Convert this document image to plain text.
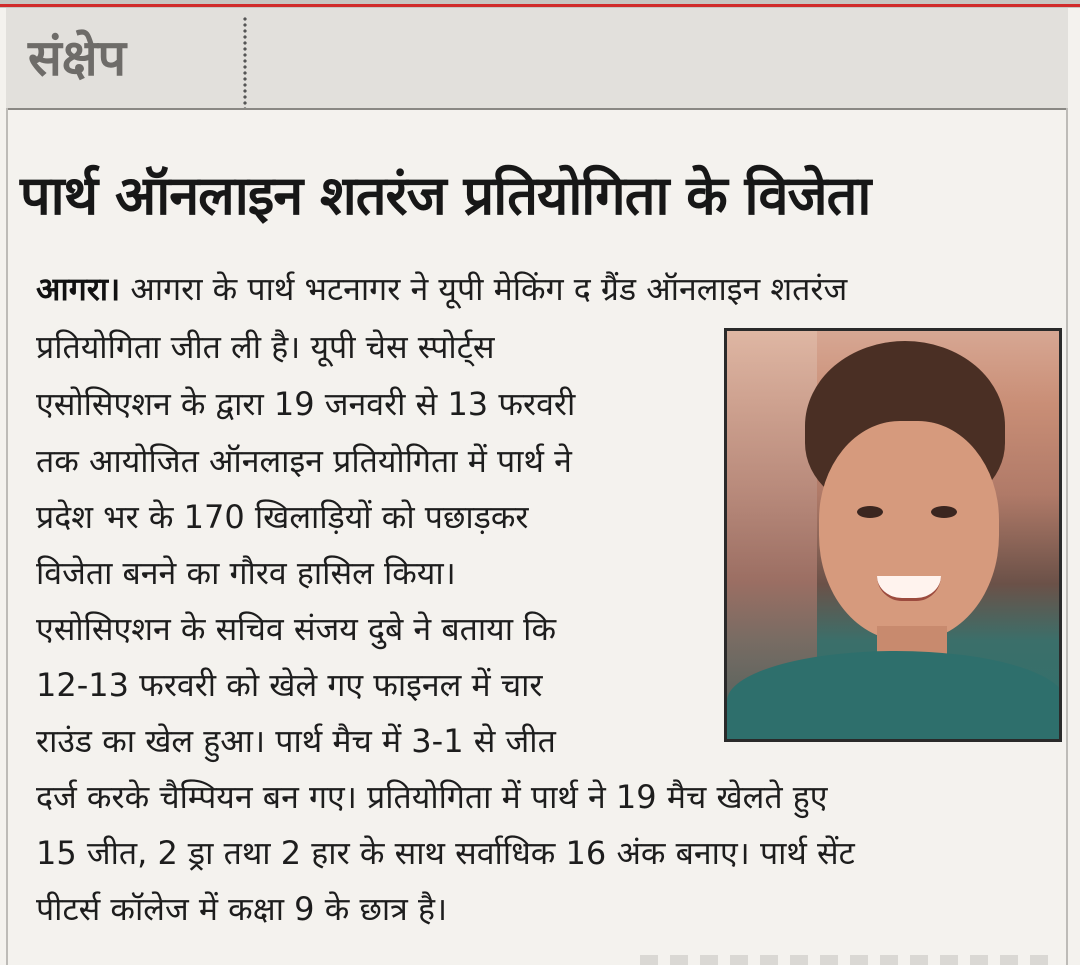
संक्षेप
पार्थ ऑनलाइन शतरंज प्रतियोगिता के विजेता
आगरा। आगरा के पार्थ भटनागर ने यूपी मेकिंग द ग्रैंड ऑनलाइन शतरंज
प्रतियोगिता जीत ली है। यूपी चेस स्पोर्ट्स
एसोसिएशन के द्वारा 19 जनवरी से 13 फरवरी
तक आयोजित ऑनलाइन प्रतियोगिता में पार्थ ने
प्रदेश भर के 170 खिलाड़ियों को पछाड़कर
विजेता बनने का गौरव हासिल किया।
एसोसिएशन के सचिव संजय दुबे ने बताया कि
12-13 फरवरी को खेले गए फाइनल में चार
राउंड का खेल हुआ। पार्थ मैच में 3-1 से जीत
दर्ज करके चैम्पियन बन गए। प्रतियोगिता में पार्थ ने 19 मैच खेलते हुए
15 जीत, 2 ड्रा तथा 2 हार के साथ सर्वाधिक 16 अंक बनाए। पार्थ सेंट
पीटर्स कॉलेज में कक्षा 9 के छात्र है।
